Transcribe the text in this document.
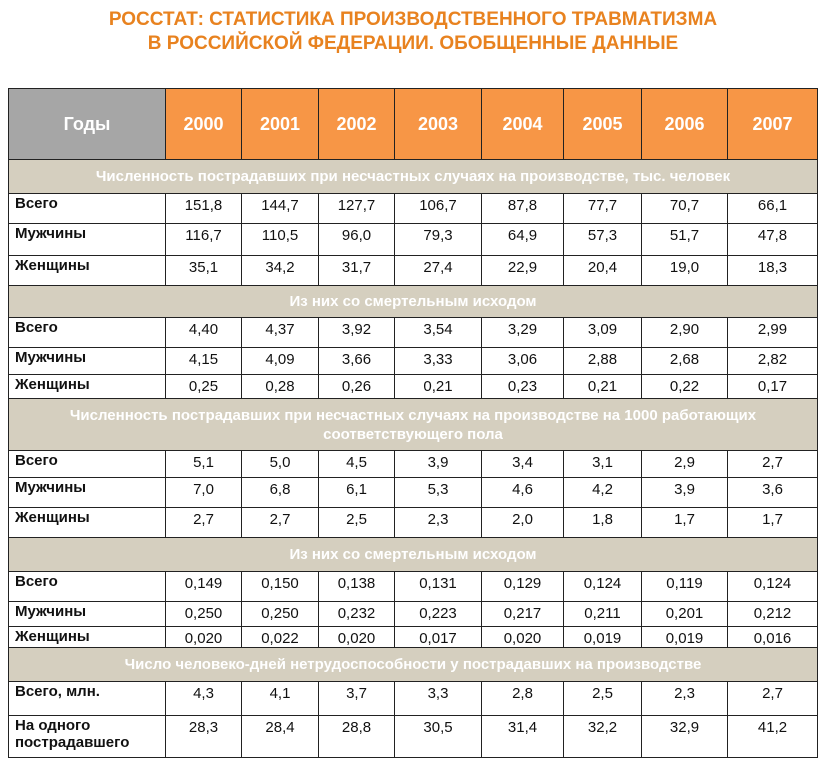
РОССТАТ: СТАТИСТИКА ПРОИЗВОДСТВЕННОГО ТРАВМАТИЗМА
В РОССИЙСКОЙ ФЕДЕРАЦИИ. ОБОБЩЕННЫЕ ДАННЫЕ
Годы	2000	2001	2002	2003	2004	2005	2006	2007
Численность пострадавших при несчастных случаях на производстве, тыс. человек								
Всего	151,8	144,7	127,7	106,7	87,8	77,7	70,7	66,1
Мужчины	116,7	110,5	96,0	79,3	64,9	57,3	51,7	47,8
Женщины	35,1	34,2	31,7	27,4	22,9	20,4	19,0	18,3
Из них со смертельным исходом								
Всего	4,40	4,37	3,92	3,54	3,29	3,09	2,90	2,99
Мужчины	4,15	4,09	3,66	3,33	3,06	2,88	2,68	2,82
Женщины	0,25	0,28	0,26	0,21	0,23	0,21	0,22	0,17

Численность пострадавших при несчастных случаях на производстве на 1000 работающих
соответствующего пола								

Всего	5,1	5,0	4,5	3,9	3,4	3,1	2,9	2,7
Мужчины	7,0	6,8	6,1	5,3	4,6	4,2	3,9	3,6
Женщины	2,7	2,7	2,5	2,3	2,0	1,8	1,7	1,7
Из них со смертельным исходом								
Всего	0,149	0,150	0,138	0,131	0,129	0,124	0,119	0,124
Мужчины	0,250	0,250	0,232	0,223	0,217	0,211	0,201	0,212
Женщины	0,020	0,022	0,020	0,017	0,020	0,019	0,019	0,016
Число человеко-дней нетрудоспособности у пострадавших на производстве								
Всего, млн.	4,3	4,1	3,7	3,3	2,8	2,5	2,3	2,7

На одного
пострадавшего	28,3	28,4	28,8	30,5	31,4	32,2	32,9	41,2
